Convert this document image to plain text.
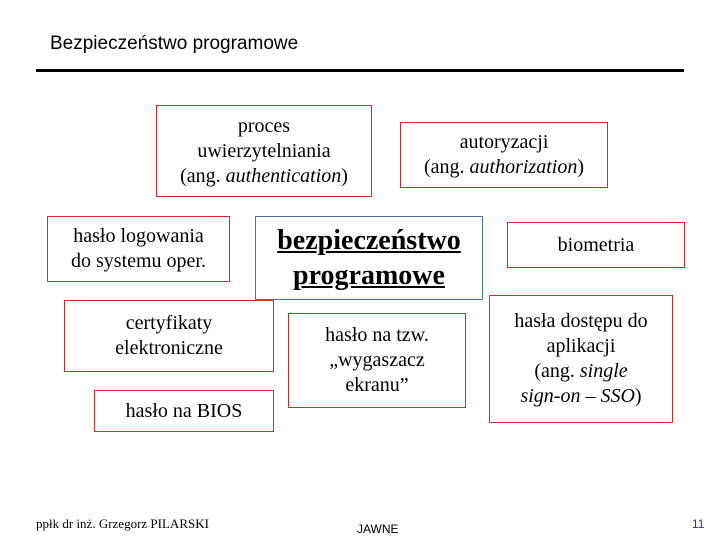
Bezpieczeństwo programowe
proces
uwierzytelniania
(ang. authentication)
autoryzacji
(ang. authorization)
hasło logowania
do systemu oper.
bezpieczeństwo
programowe
biometria
certyfikaty
elektroniczne
hasło na tzw.
„wygaszacz
ekranu”
hasła dostępu do
aplikacji
(ang. single
sign-on – SSO)
hasło na BIOS
ppłk dr inż. Grzegorz PILARSKI	JAWNE	11
